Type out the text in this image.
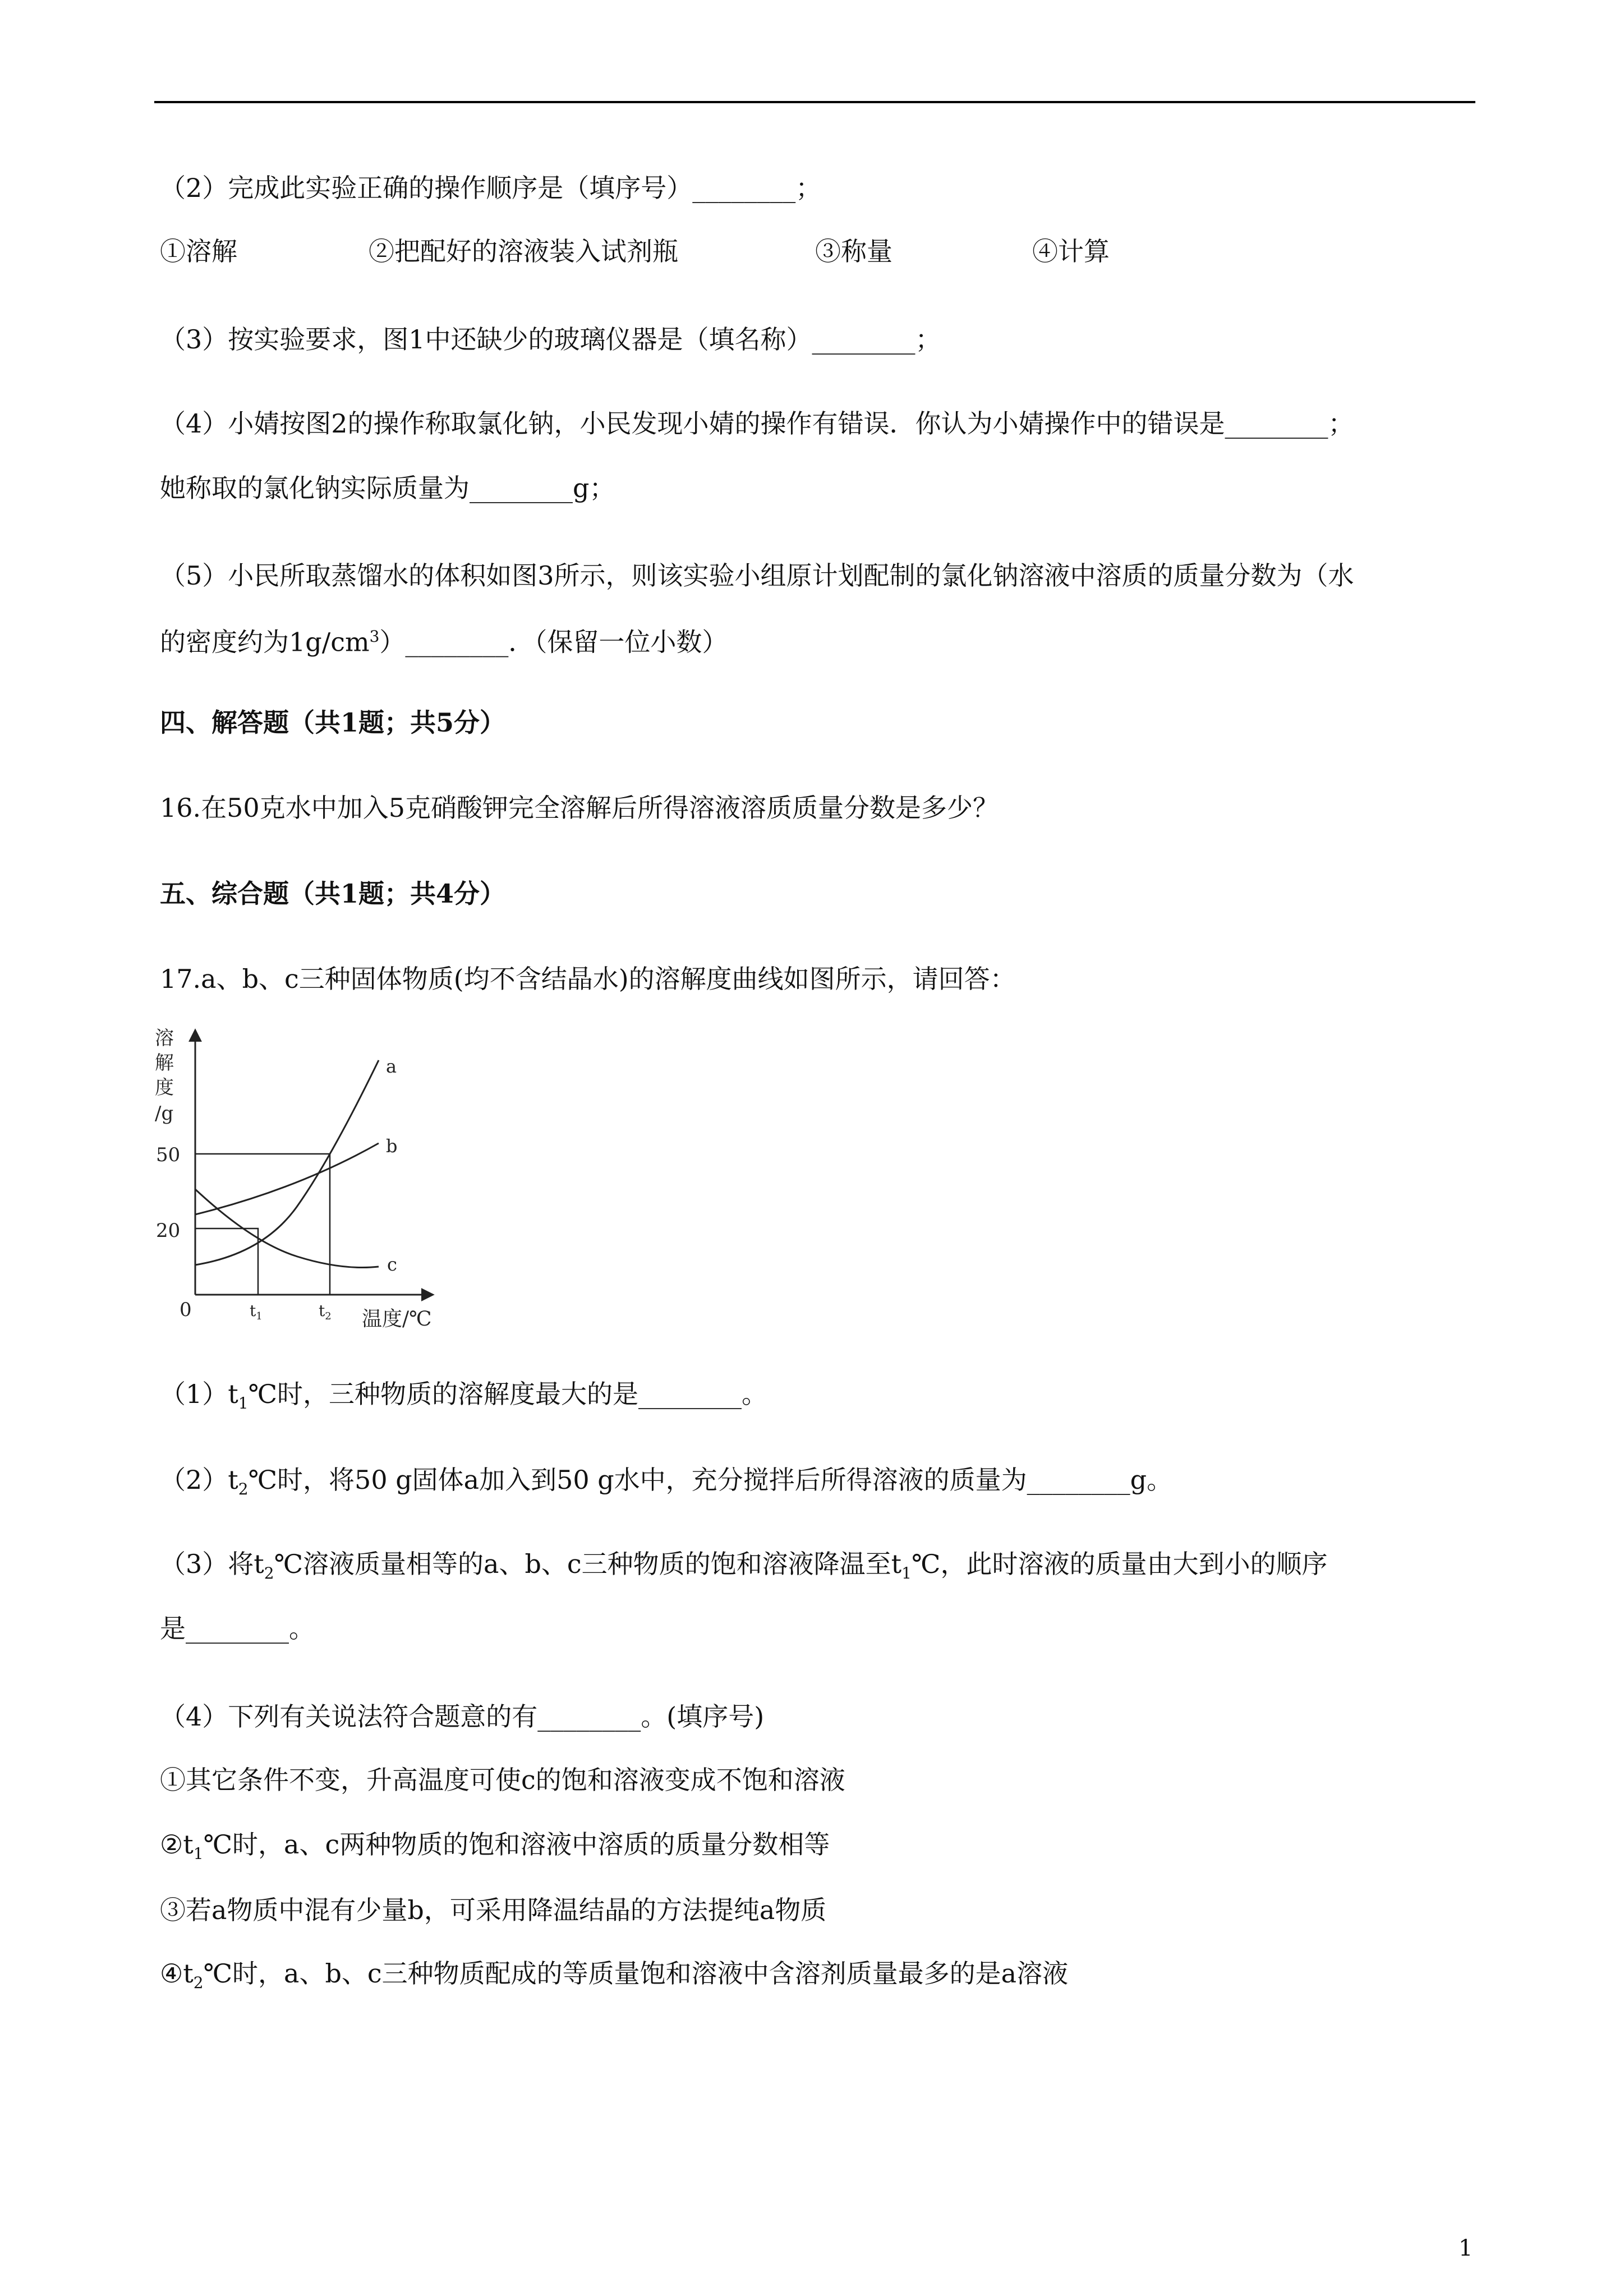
（2）完成此实验正确的操作顺序是（填序号）________；
①溶解	②把配好的溶液装入试剂瓶	③称量	④计算
（3）按实验要求，图1中还缺少的玻璃仪器是（填名称）________；
（4）小婧按图2的操作称取氯化钠，小民发现小婧的操作有错误．你认为小婧操作中的错误是________；
她称取的氯化钠实际质量为________g；
（5）小民所取蒸馏水的体积如图3所示，则该实验小组原计划配制的氯化钠溶液中溶质的质量分数为（水
的密度约为$1g/cm^3)\_\_\_\_\_\_\_\_$．（保留一位小数）
四、解答题（共1题；共5分）
16.在50克水中加入5克硝酸钾完全溶解后所得溶液溶质质量分数是多少？
五、综合题（共1题；共4分）
17.a、b、c三种固体物质(均不含结晶水)的溶解度曲线如图所示，请回答：
溶
解
度
/g
50
20
0	$t_1$	$t_2$ 温度/℃
a
b
c
$(1)t_1℃$时，三种物质的溶解度最大的是________。
$(2)t_2℃$时，将50 g固体a加入到50 g水中，充分搅拌后所得溶液的质量为________g。
（3）将$t_2℃$溶液质量相等的a、b、c三种物质的饱和溶液降温至$t_1℃$，此时溶液的质量由大到小的顺序
是________。
（4）下列有关说法符合题意的有________。(填序号)
①其它条件不变，升高温度可使c的饱和溶液变成不饱和溶液
$②t_1℃$时，a、c两种物质的饱和溶液中溶质的质量分数相等
③若a物质中混有少量b，可采用降温结晶的方法提纯a物质
$④t_2℃$时，a、b、c三种物质配成的等质量饱和溶液中含溶剂质量最多的是a溶液
1
